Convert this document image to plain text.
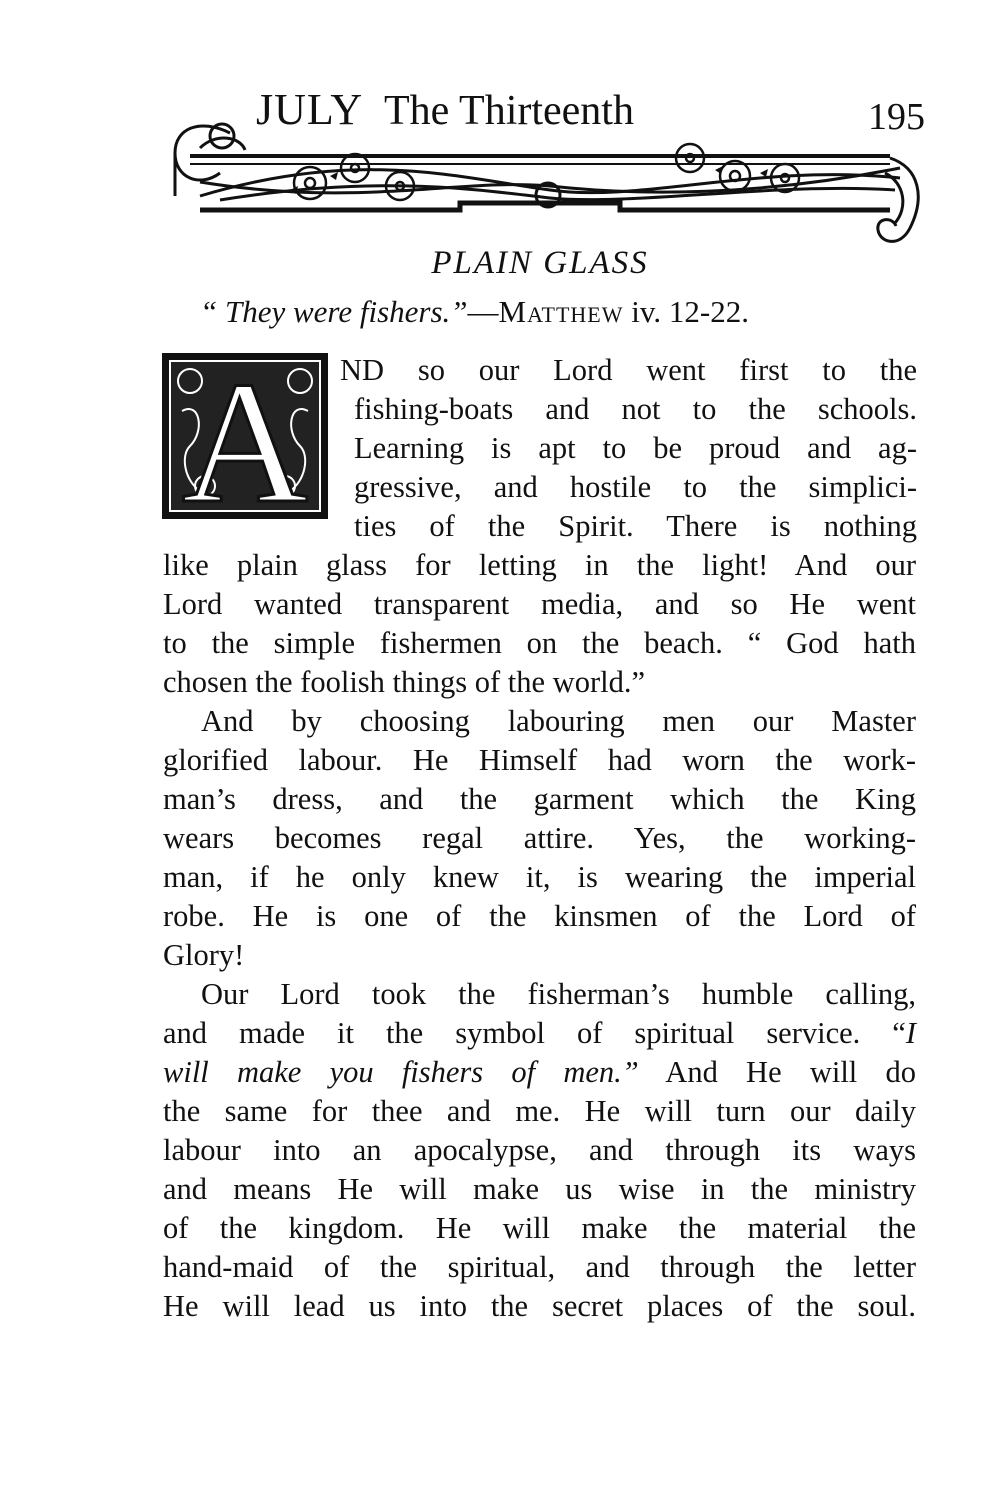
JULY The Thirteenth	195
PLAIN GLASS
“ They were fishers.”—Matthew iv. 12-22.
A ND so our Lord went first to the
fishing-boats and not to the schools.
Learning is apt to be proud and ag-
gressive, and hostile to the simplici-
ties of the Spirit. There is nothing
like plain glass for letting in the light! And our
Lord wanted transparent media, and so He went
to the simple fishermen on the beach. “ God hath
chosen the foolish things of the world.”
And by choosing labouring men our Master
glorified labour. He Himself had worn the work-
man’s dress, and the garment which the King
wears becomes regal attire. Yes, the working-
man, if he only knew it, is wearing the imperial
robe. He is one of the kinsmen of the Lord of
Glory!
Our Lord took the fisherman’s humble calling,
and made it the symbol of spiritual service. “I
will make you fishers of men.” And He will do
the same for thee and me. He will turn our daily
labour into an apocalypse, and through its ways
and means He will make us wise in the ministry
of the kingdom. He will make the material the
hand-maid of the spiritual, and through the letter
He will lead us into the secret places of the soul.
